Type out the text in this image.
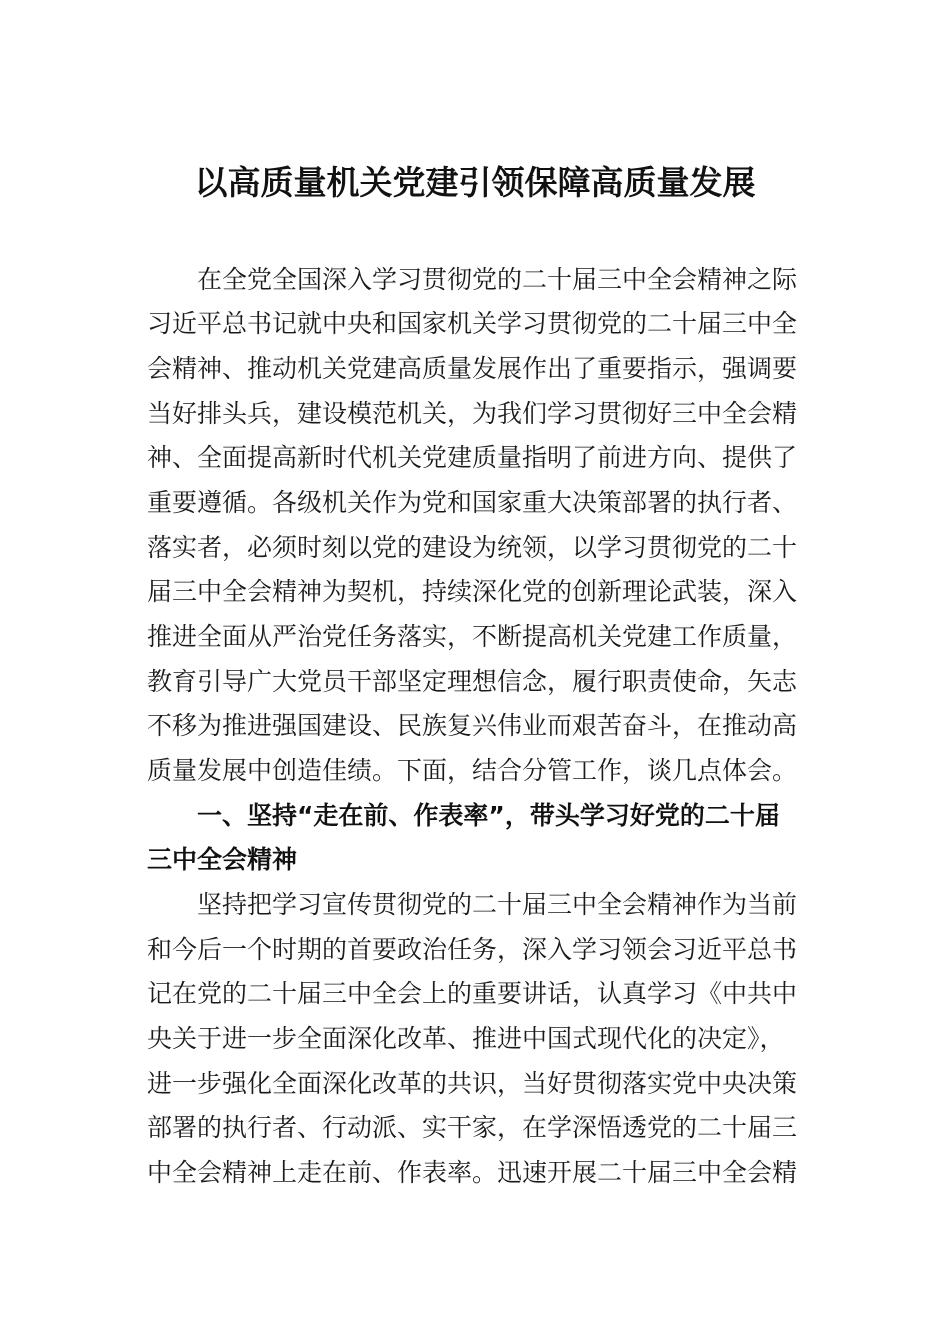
以高质量机关党建引领保障高质量发展
在全党全国深入学习贯彻党的二十届三中全会精神之际
习近平总书记就中央和国家机关学习贯彻党的二十届三中全
会精神、推动机关党建高质量发展作出了重要指示，强调要
当好排头兵，建设模范机关，为我们学习贯彻好三中全会精
神、全面提高新时代机关党建质量指明了前进方向、提供了
重要遵循。各级机关作为党和国家重大决策部署的执行者、
落实者，必须时刻以党的建设为统领，以学习贯彻党的二十
届三中全会精神为契机，持续深化党的创新理论武装，深入
推进全面从严治党任务落实，不断提高机关党建工作质量，
教育引导广大党员干部坚定理想信念，履行职责使命，矢志
不移为推进强国建设、民族复兴伟业而艰苦奋斗，在推动高
质量发展中创造佳绩。下面，结合分管工作，谈几点体会。
一、坚持“走在前、作表率”，带头学习好党的二十届
三中全会精神
坚持把学习宣传贯彻党的二十届三中全会精神作为当前
和今后一个时期的首要政治任务，深入学习领会习近平总书
记在党的二十届三中全会上的重要讲话，认真学习《中共中
央关于进一步全面深化改革、推进中国式现代化的决定》，
进一步强化全面深化改革的共识，当好贯彻落实党中央决策
部署的执行者、行动派、实干家，在学深悟透党的二十届三
中全会精神上走在前、作表率。迅速开展二十届三中全会精
